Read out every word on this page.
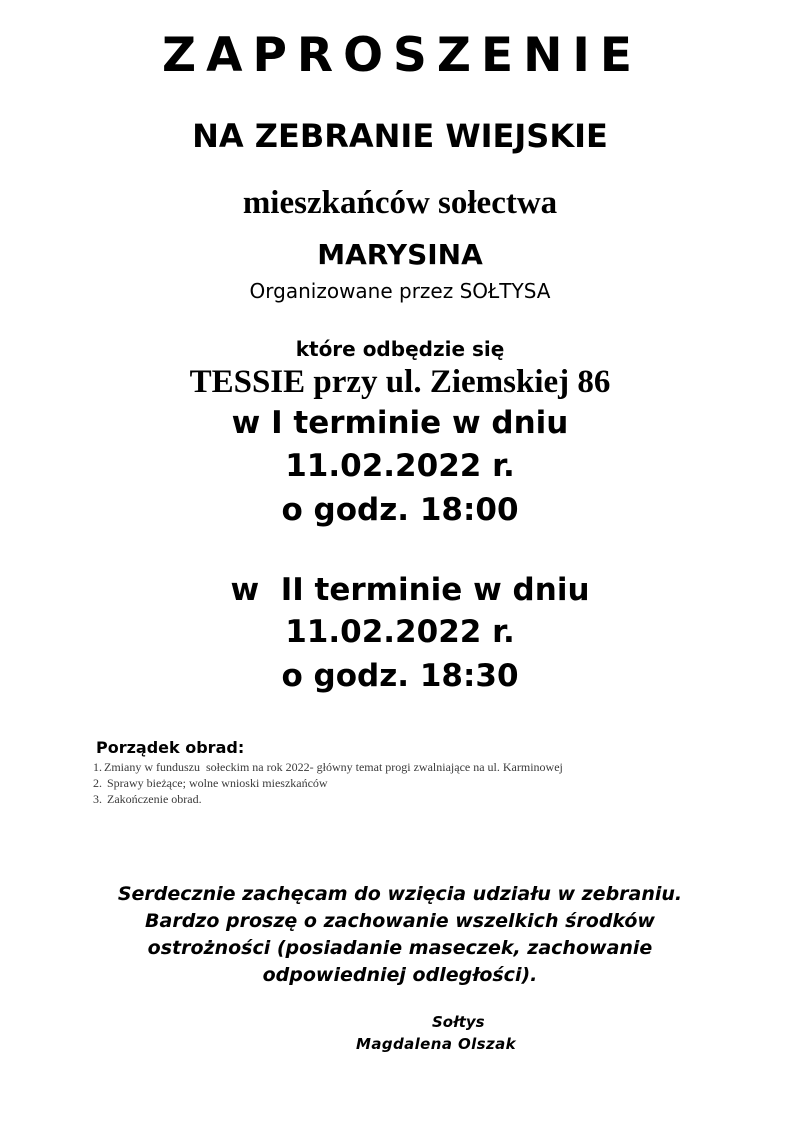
ZAPROSZENIE
NA ZEBRANIE WIEJSKIE
mieszkańców sołectwa
MARYSINA
Organizowane przez SOŁTYSA
które odbędzie się
TESSIE przy ul. Ziemskiej 86
w I terminie w dniu
11.02.2022 r.
o godz. 18:00
w  II terminie w dniu
11.02.2022 r.
o godz. 18:30
Porządek obrad:
1. Zmiany w funduszu  sołeckim na rok 2022- główny temat progi zwalniające na ul. Karminowej
2. Sprawy bieżące; wolne wnioski mieszkańców
3. Zakończenie obrad.
Serdecznie zachęcam do wzięcia udziału w zebraniu.
Bardzo proszę o zachowanie wszelkich środków
ostrożności (posiadanie maseczek, zachowanie
odpowiedniej odległości).
Sołtys
Magdalena Olszak
